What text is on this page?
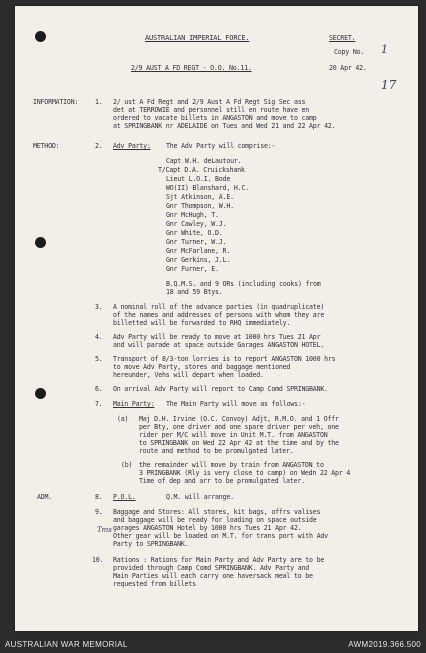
AUSTRALIAN IMPERIAL FORCE.	SECRET.
Copy No. 1
2/9 AUST A FD REGT - O.O. No.11.	20 Apr 42.
17
INFORMATION:	1. 2/ ust A Fd Regt and 2/9 Aust A Fd Regt Sig Sec ass
det at TERROWIE and personnel still en route have en
ordered to vacate billets in ANGASTON and move to camp
at SPRINGBANK nr ADELAIDE on Tues and Wed 21 and 22 Apr 42.
METHOD:	2. Adv Party: The Adv Party will comprise:-
Capt W.H. deLautour.
T/Capt D.A. Cruickshank
Lieut L.O.I. Bode
WO(II) Blanshard, H.C.
Sjt Atkinson, A.E.
Gnr Thompson, W.H.
Gnr McHugh, T.
Gnr Cawley, W.J.
Gnr White, O.D.
Gnr Turner, W.J.
Gnr McFarlane, R.
Gnr Gerkins, J.L.
Gnr Furner, E.
B.Q.M.S. and 9 ORs (including cooks) from
18 and 59 Btys.
3. A nominal roll of the advance parties (in quadruplicate)
of the names and addresses of persons with whom they are
billetted will be forwarded to RHQ immediately.
4. Adv Party will be ready to move at 1000 hrs Tues 21 Apr
and will parade at space outside Garages ANGASTON HOTEL.
5. Transport of 8/3-ton lorries is to report ANGASTON 1000 hrs
to move Adv Party, stores and baggage mentioned
hereunder, Vehs will depart when loaded.
6. On arrival Adv Party will report to Camp Comd SPRINGBANK.
7. Main Party: The Main Party will move as follows:-
(a) Maj D.H. Irvine (O.C. Convoy) Adjt, R.M.O. and 1 Offr
per Bty, one driver and one spare driver per veh, one
rider per M/C will move in Unit M.T. from ANGASTON
to SPRINGBANK on Wed 22 Apr 42 at the time and by the
route and method to be promulgated later.
(b) the remainder will move by train from ANGASTON to
3 PRINGBANK (Rly is very close to camp) on Wedn 22 Apr 4
Time of dep and arr to be promulgated later.
ADM.	8. P.O.L.	Q.M. will arrange.
9. Baggage and Stores: All stores, kit bags, offrs valises
and baggage will be ready for loading on space outside
garages ANGASTON Hotel by 1000 hrs Tues 21 Apr 42.
Other gear will be loaded on M.T. for trans port with Adv
Party to SPRINGBANK.
Tms
10. Rations : Rations for Main Party and Adv Party are to be
provided through Camp Comd SPRINGBANK. Adv Party and
Main Parties will each carry one haversack meal to be
requested from billets
AUSTRALIAN WAR MEMORIAL	AWM2019.366.500
